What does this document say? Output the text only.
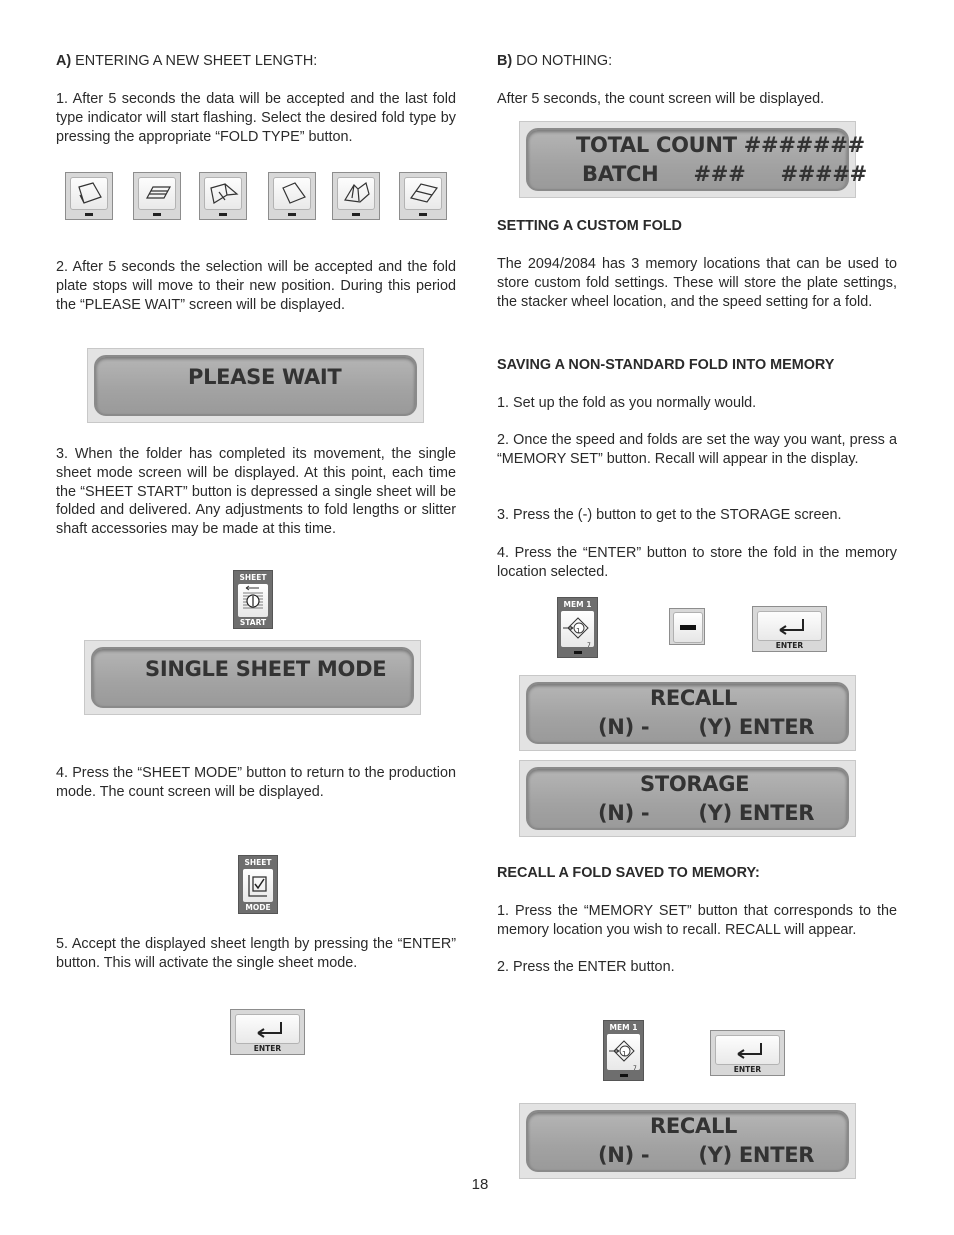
A) ENTERING A NEW SHEET LENGTH:

1. After 5 seconds the data will be accepted and the last fold type indicator will start flashing. Select the desired fold type by pressing the appropriate “FOLD TYPE” button.

2. After 5 seconds the selection will be accepted and the fold plate stops will move to their new position. During this period the “PLEASE WAIT” screen will be displayed.

PLEASE WAIT

3. When the folder has completed its movement, the single sheet mode screen will be displayed. At this point, each time the “SHEET START” button is depressed a single sheet will be folded and delivered. Any adjustments to fold lengths or slitter shaft accessories may be made at this time.

SHEET
START
SINGLE SHEET MODE

4. Press the “SHEET MODE” button to return to the production mode. The count screen will be displayed.

SHEET
MODE

5. Accept the displayed sheet length by pressing the “ENTER” button. This will activate the single sheet mode.

ENTER

B) DO NOTHING:

After 5 seconds, the count screen will be displayed.

TOTAL COUNT #######
BATCH     ###     #####

SETTING A CUSTOM FOLD

The 2094/2084 has 3 memory locations that can be used to store custom fold settings. These will store the plate settings, the stacker wheel location, and the speed setting for a fold.

SAVING A NON-STANDARD FOLD INTO MEMORY

1. Set up the fold as you normally would.

2. Once the speed and folds are set the way you want, press a “MEMORY SET” button. Recall will appear in the display.

3. Press the (-) button to get to the STORAGE screen.

4. Press the “ENTER” button to store the fold in the memory location selected.

MEM 1
1
7	ENTER
RECALL
(N) -       (Y) ENTER
STORAGE
(N) -       (Y) ENTER

RECALL A FOLD SAVED TO MEMORY:

1. Press the “MEMORY SET” button that corresponds to the memory location you wish to recall. RECALL will appear.

2. Press the ENTER button.

MEM 1
1
7	ENTER
RECALL
(N) -       (Y) ENTER
18
